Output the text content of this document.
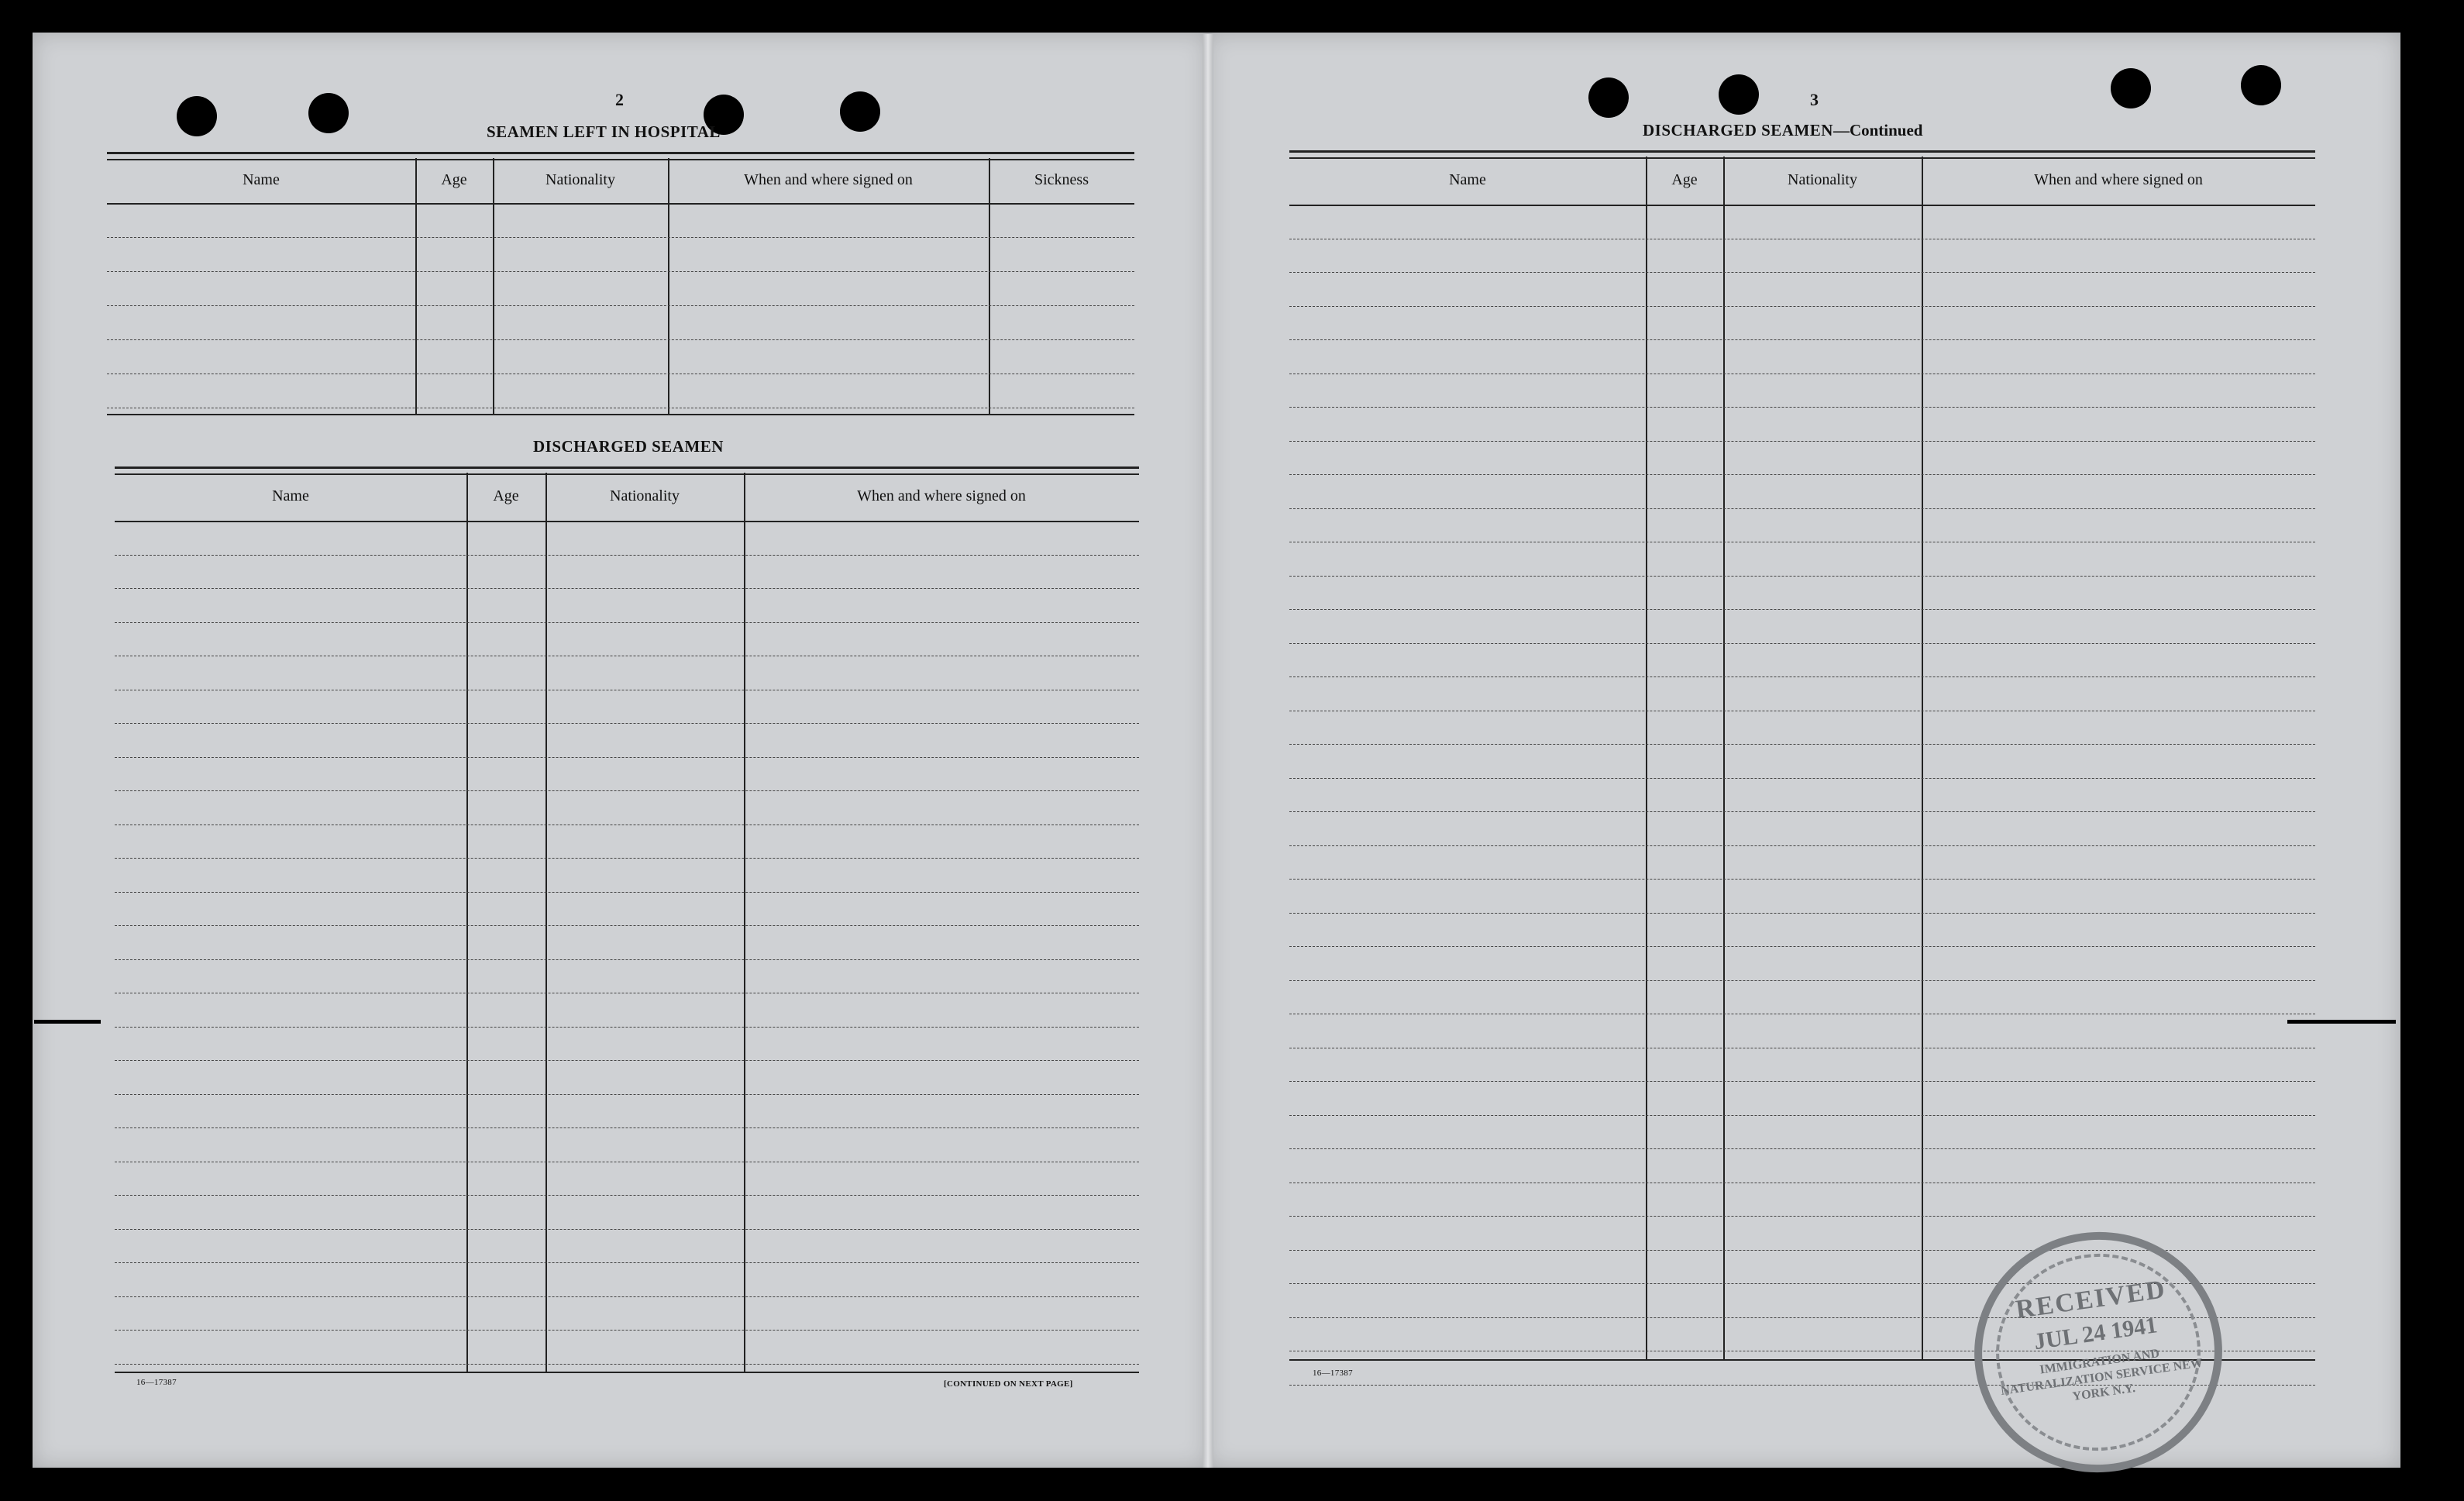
2
SEAMEN LEFT IN HOSPITAL
Name	Age	Nationality	When and where signed on	Sickness
DISCHARGED SEAMEN
Name	Age	Nationality	When and where signed on
16—17387	[CONTINUED ON NEXT PAGE]
3
DISCHARGED SEAMEN—Continued
Name	Age	Nationality	When and where signed on
16—17387
RECEIVED
JUL 24 1941
IMMIGRATION AND NATURALIZATION SERVICE NEW YORK N.Y.
